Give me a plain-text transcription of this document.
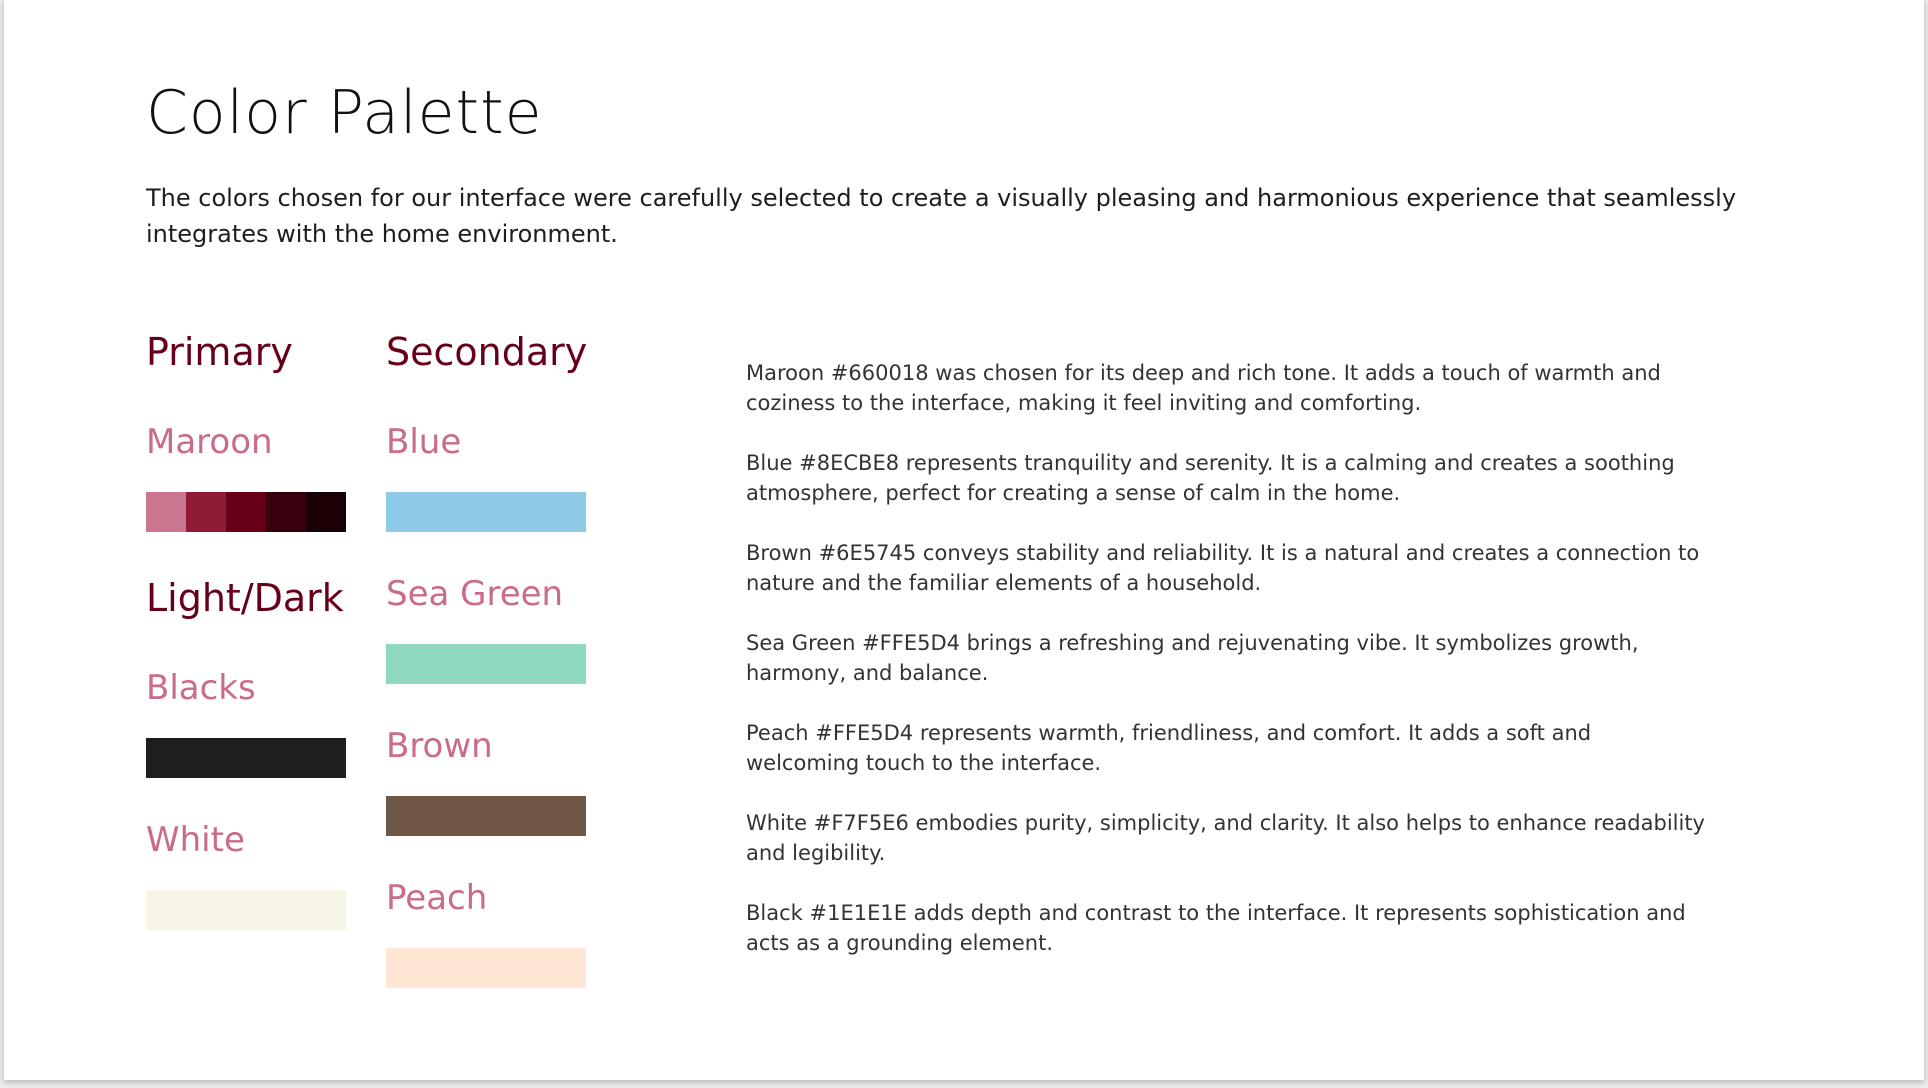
Color Palette

The colors chosen for our interface were carefully selected to create a visually pleasing and harmonious experience that seamlessly integrates with the home environment.

Primary
Maroon
Light/Dark
Blacks
White
Secondary
Blue
Sea Green
Brown
Peach

Maroon #660018 was chosen for its deep and rich tone. It adds a touch of warmth and coziness to the interface, making it feel inviting and comforting.

Blue #8ECBE8 represents tranquility and serenity. It is a calming and creates a soothing atmosphere, perfect for creating a sense of calm in the home.

Brown #6E5745 conveys stability and reliability. It is a natural and creates a connection to nature and the familiar elements of a household.

Sea Green #FFE5D4 brings a refreshing and rejuvenating vibe. It symbolizes growth, harmony, and balance.

Peach #FFE5D4 represents warmth, friendliness, and comfort. It adds a soft and welcoming touch to the interface.

White #F7F5E6 embodies purity, simplicity, and clarity. It also helps to enhance readability and legibility.

Black #1E1E1E adds depth and contrast to the interface. It represents sophistication and acts as a grounding element.
